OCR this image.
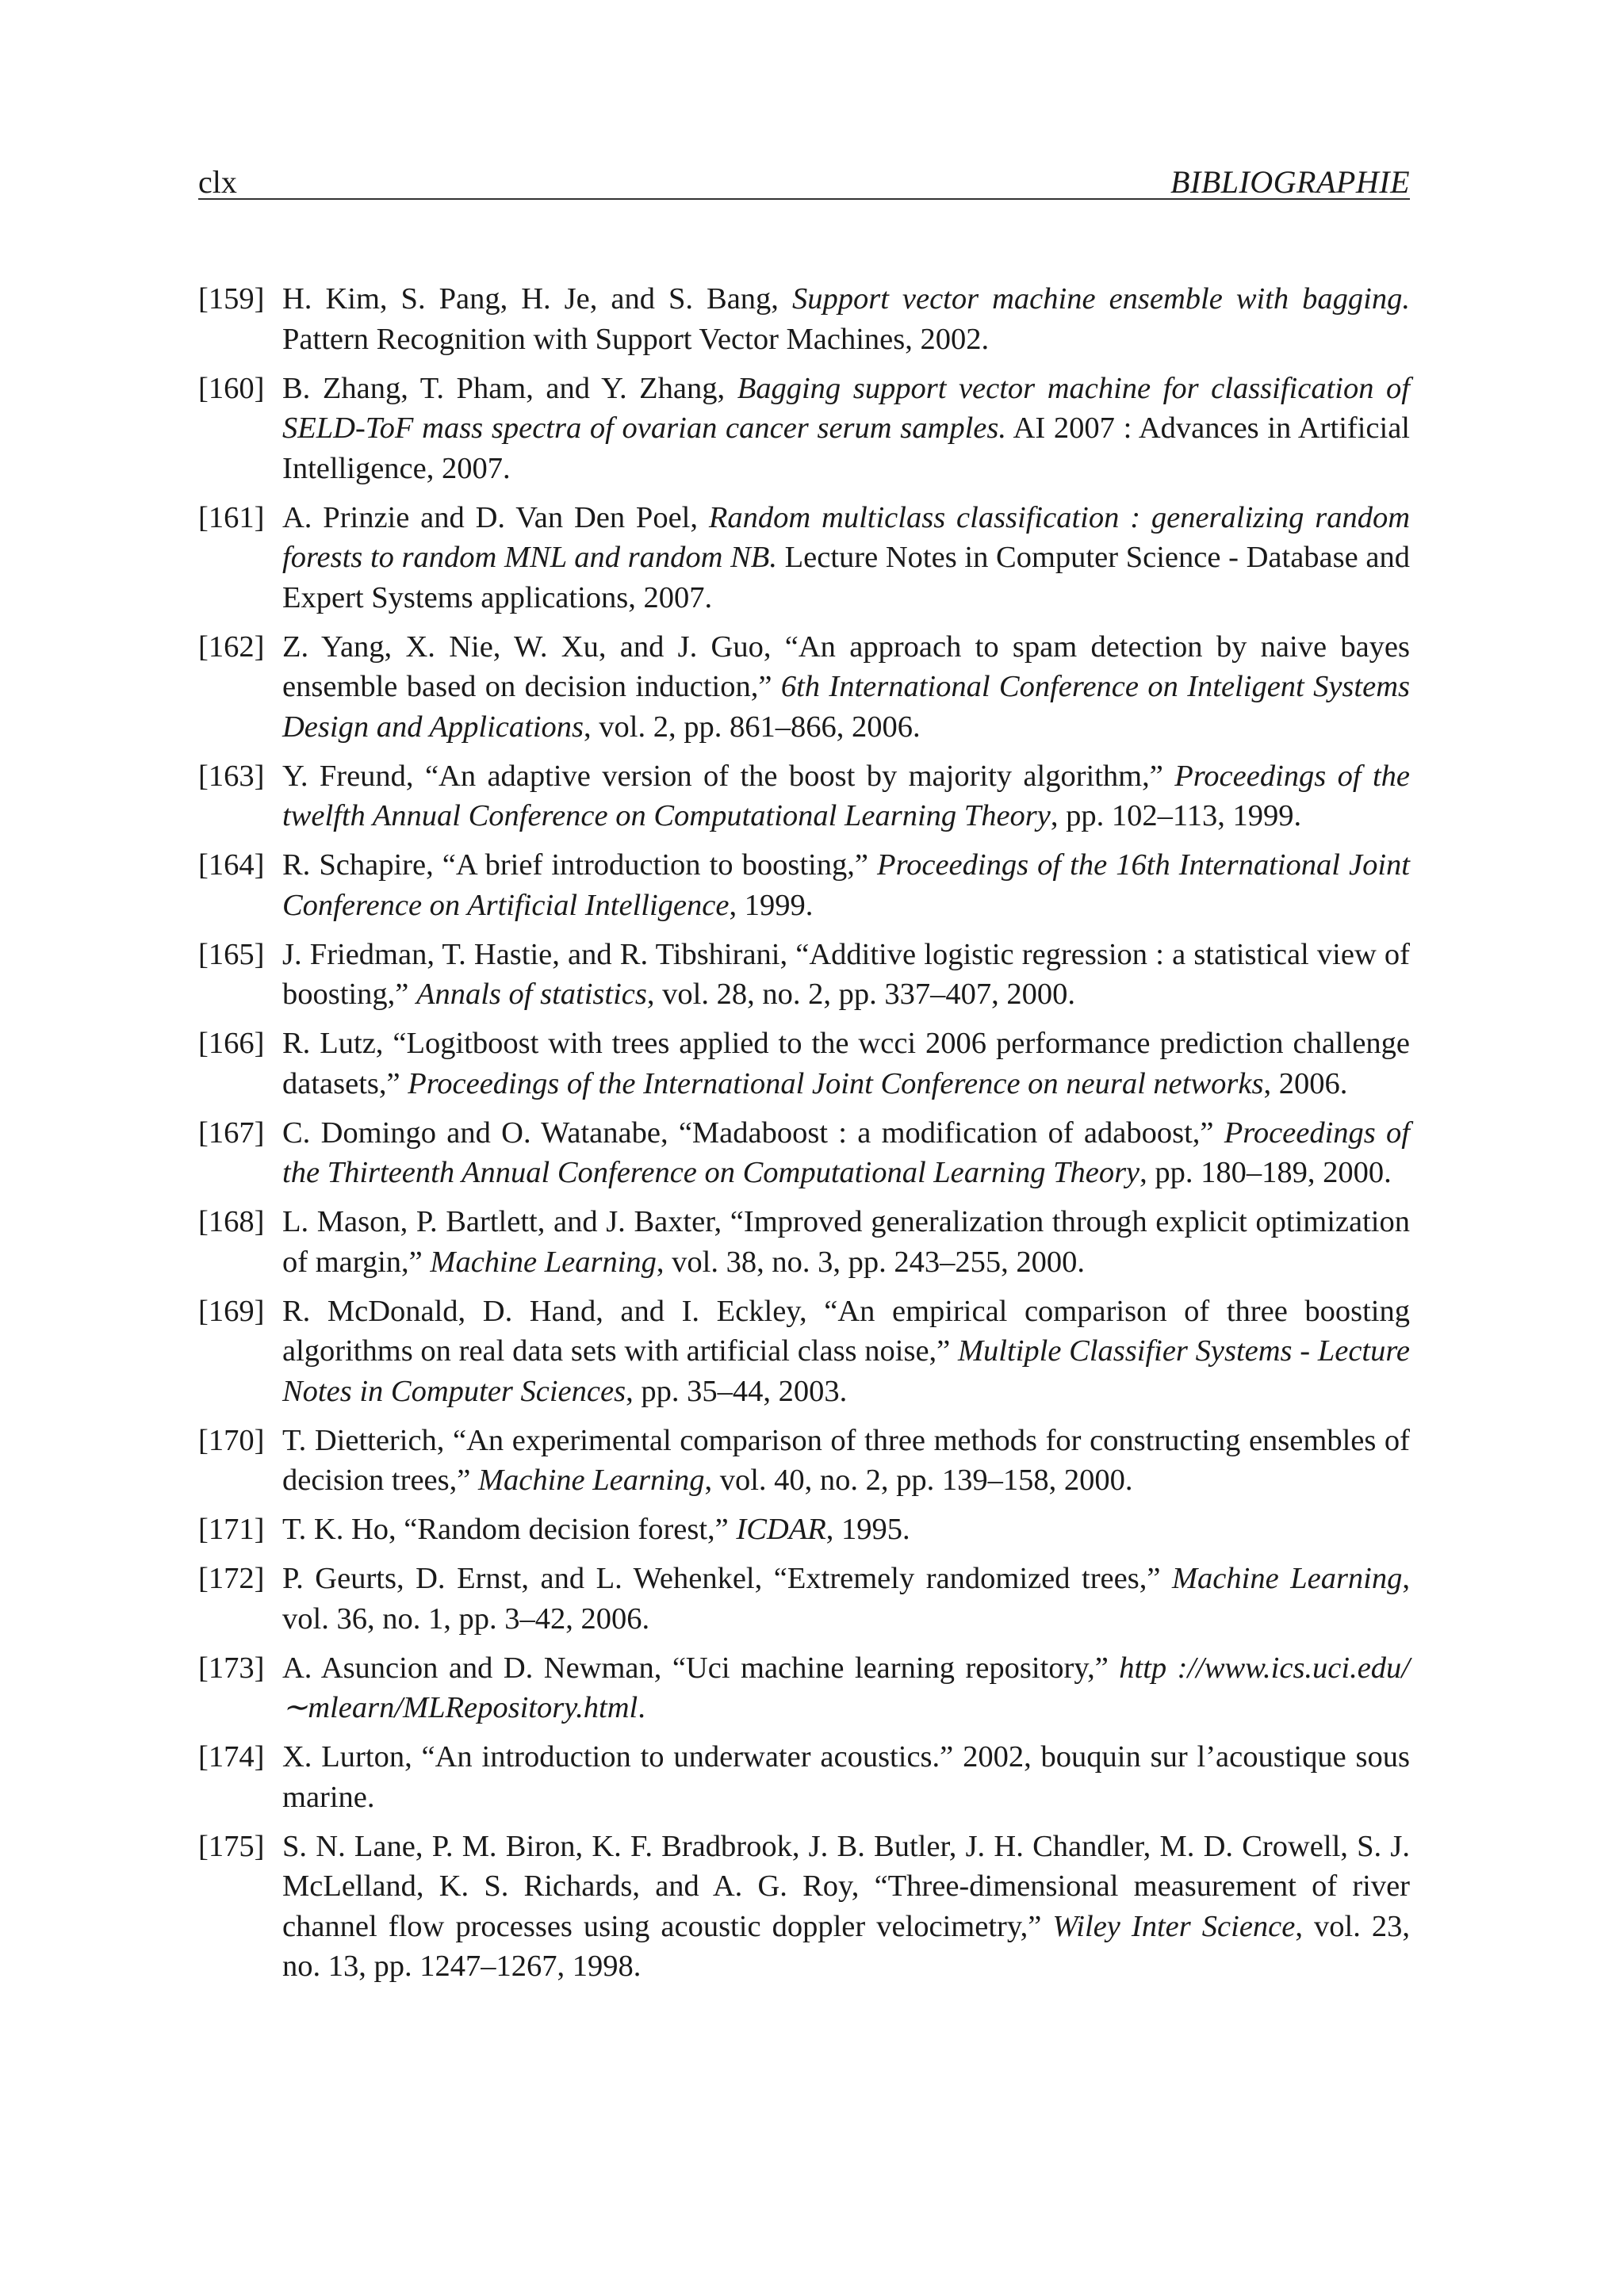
clx	BIBLIOGRAPHIE
[159] H. Kim, S. Pang, H. Je, and S. Bang, Support vector machine ensemble with bagging. Pattern Recognition with Support Vector Machines, 2002.
[160] B. Zhang, T. Pham, and Y. Zhang, Bagging support vector machine for classification of SELD-ToF mass spectra of ovarian cancer serum samples. AI 2007 : Advances in Artificial Intelligence, 2007.
[161] A. Prinzie and D. Van Den Poel, Random multiclass classification : generalizing random forests to random MNL and random NB. Lecture Notes in Computer Science - Database and Expert Systems applications, 2007.
[162] Z. Yang, X. Nie, W. Xu, and J. Guo, “An approach to spam detection by naive bayes ensemble based on decision induction,” 6th International Conference on Inteligent Systems Design and Applications, vol. 2, pp. 861–866, 2006.
[163] Y. Freund, “An adaptive version of the boost by majority algorithm,” Proceedings of the twelfth Annual Conference on Computational Learning Theory, pp. 102–113, 1999.
[164] R. Schapire, “A brief introduction to boosting,” Proceedings of the 16th International Joint Conference on Artificial Intelligence, 1999.
[165] J. Friedman, T. Hastie, and R. Tibshirani, “Additive logistic regression : a statistical view of boosting,” Annals of statistics, vol. 28, no. 2, pp. 337–407, 2000.
[166] R. Lutz, “Logitboost with trees applied to the wcci 2006 performance prediction challenge datasets,” Proceedings of the International Joint Conference on neural networks, 2006.
[167] C. Domingo and O. Watanabe, “Madaboost : a modification of adaboost,” Proceedings of the Thirteenth Annual Conference on Computational Learning Theory, pp. 180–189, 2000.
[168] L. Mason, P. Bartlett, and J. Baxter, “Improved generalization through explicit optimization of margin,” Machine Learning, vol. 38, no. 3, pp. 243–255, 2000.
[169] R. McDonald, D. Hand, and I. Eckley, “An empirical comparison of three boosting algorithms on real data sets with artificial class noise,” Multiple Classifier Systems - Lecture Notes in Computer Sciences, pp. 35–44, 2003.
[170] T. Dietterich, “An experimental comparison of three methods for constructing ensembles of decision trees,” Machine Learning, vol. 40, no. 2, pp. 139–158, 2000.
[171] T. K. Ho, “Random decision forest,” ICDAR, 1995.
[172] P. Geurts, D. Ernst, and L. Wehenkel, “Extremely randomized trees,” Machine Learning, vol. 36, no. 1, pp. 3–42, 2006.
[173] A. Asuncion and D. Newman, “Uci machine learning repository,” http ://www.ics.uci.edu/∼mlearn/MLRepository.html.
[174] X. Lurton, “An introduction to underwater acoustics.” 2002, bouquin sur l’acoustique sous marine.
[175] S. N. Lane, P. M. Biron, K. F. Bradbrook, J. B. Butler, J. H. Chandler, M. D. Crowell, S. J. McLelland, K. S. Richards, and A. G. Roy, “Three-dimensional measurement of river channel flow processes using acoustic doppler velocimetry,” Wiley Inter Science, vol. 23, no. 13, pp. 1247–1267, 1998.
